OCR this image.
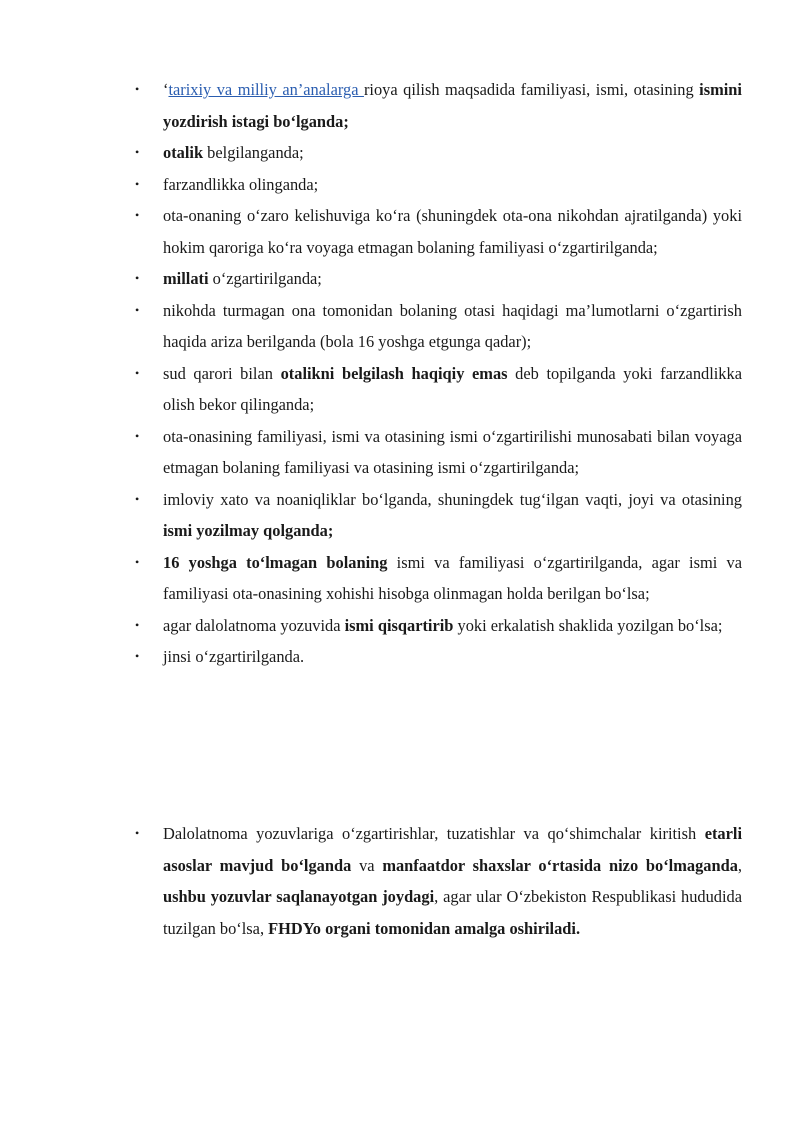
•	‘tarixiy va milliy an’analarga rioya qilish maqsadida familiyasi, ismi, otasining ismini yozdirish istagi bo‘lganda;
•	otalik belgilanganda;
•	farzandlikka olinganda;
•	ota-onaning o‘zaro kelishuviga ko‘ra (shuningdek ota-ona nikohdan ajratilganda) yoki hokim qaroriga ko‘ra voyaga etmagan bolaning familiyasi o‘zgartirilganda;
•	millati o‘zgartirilganda;
•	nikohda turmagan ona tomonidan bolaning otasi haqidagi ma’lumotlarni o‘zgartirish haqida ariza berilganda (bola 16 yoshga etgunga qadar);
•	sud qarori bilan otalikni belgilash haqiqiy emas deb topilganda yoki farzandlikka olish bekor qilinganda;
•	ota-onasining familiyasi, ismi va otasining ismi o‘zgartirilishi munosabati bilan voyaga etmagan bolaning familiyasi va otasining ismi o‘zgartirilganda;
•	imloviy xato va noaniqliklar bo‘lganda, shuningdek tug‘ilgan vaqti, joyi va otasining ismi yozilmay qolganda;
•	16 yoshga to‘lmagan bolaning ismi va familiyasi o‘zgartirilganda, agar ismi va familiyasi ota-onasining xohishi hisobga olinmagan holda berilgan bo‘lsa;
•	agar dalolatnoma yozuvida ismi qisqartirib yoki erkalatish shaklida yozilgan bo‘lsa;
•	jinsi o‘zgartirilganda.
•	Dalolatnoma yozuvlariga o‘zgartirishlar, tuzatishlar va qo‘shimchalar kiritish etarli asoslar mavjud bo‘lganda va manfaatdor shaxslar o‘rtasida nizo bo‘lmaganda, ushbu yozuvlar saqlanayotgan joydagi, agar ular O‘zbekiston Respublikasi hududida tuzilgan bo‘lsa, FHDYo organi tomonidan amalga oshiriladi.
